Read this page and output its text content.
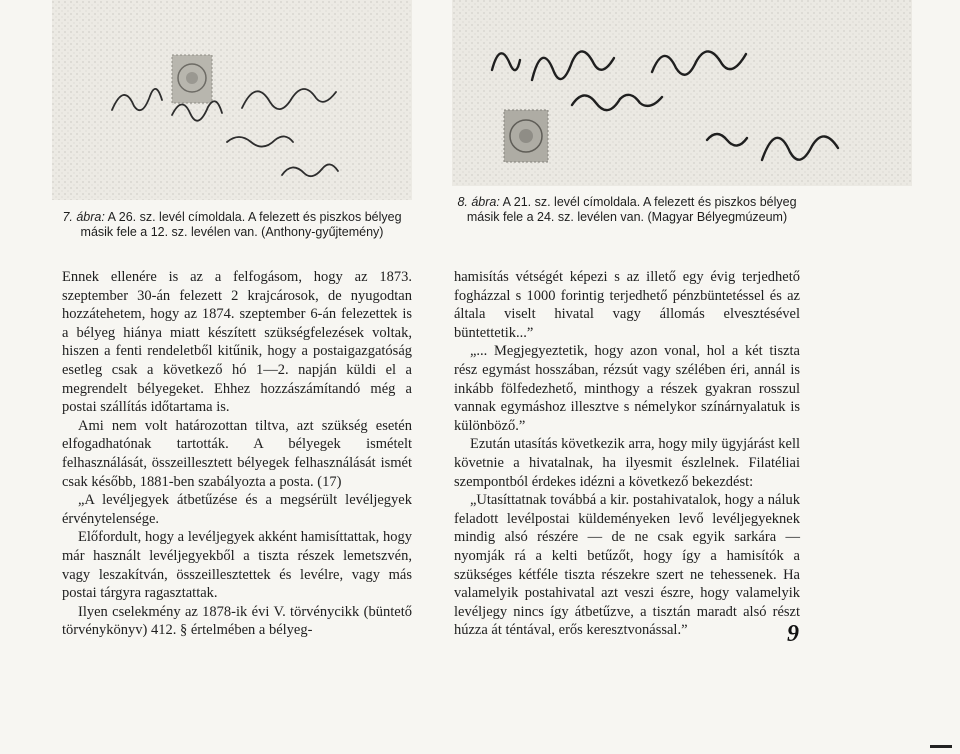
7. ábra: A 26. sz. levél címoldala. A felezett és piszkos bélyeg másik fele a 12. sz. levélen van. (Anthony-gyűjtemény)
8. ábra: A 21. sz. levél címoldala. A felezett és piszkos bélyeg másik fele a 24. sz. levélen van. (Magyar Bélyegmúzeum)

Ennek ellenére is az a felfogásom, hogy az 1873. szeptember 30-án felezett 2 krajcárosok, de nyugodtan hozzátehetem, hogy az 1874. szeptember 6-án felezettek is a bélyeg hiánya miatt készített szükségfelezések voltak, hiszen a fenti rendeletből kitűnik, hogy a postaigazgatóság esetleg csak a következő hó 1—2. napján küldi el a megrendelt bélyegeket. Ehhez hozzászámítandó még a postai szállítás időtartama is.

Ami nem volt határozottan tiltva, azt szükség esetén elfogadhatónak tartották. A bélyegek ismételt felhasználását, összeillesztett bélyegek felhasználását ismét csak később, 1881-ben szabályozta a posta. (17)

„A levéljegyek átbetűzése és a megsérült levéljegyek érvénytelensége.

Előfordult, hogy a levéljegyek akként hamisíttattak, hogy már használt levéljegyekből a tiszta részek lemetszvén, vagy leszakítván, összeillesztettek és levélre, vagy más postai tárgyra ragasztattak.

Ilyen cselekmény az 1878-ik évi V. törvénycikk (büntető törvénykönyv) 412. § értelmében a bélyeg-

hamisítás vétségét képezi s az illető egy évig terjedhető fogházzal s 1000 forintig terjedhető pénzbüntetéssel és az általa viselt hivatal vagy állomás elvesztésével büntettetik...”

„... Megjegyeztetik, hogy azon vonal, hol a két tiszta rész egymást hosszában, rézsút vagy szélében éri, annál is inkább fölfedezhető, minthogy a részek gyakran rosszul vannak egymáshoz illesztve s némelykor színárnyalatuk is különböző.”

Ezután utasítás következik arra, hogy mily ügyjárást kell követnie a hivatalnak, ha ilyesmit észlelnek. Filatéliai szempontból érdekes idézni a következő bekezdést:

„Utasíttatnak továbbá a kir. postahivatalok, hogy a náluk feladott levélpostai küldeményeken levő levéljegyeknek mindig alsó részére — de ne csak egyik sarkára — nyomják rá a kelti betűzőt, hogy így a hamisítók a szükséges kétféle tiszta részekre szert ne tehessenek. Ha valamelyik postahivatal azt veszi észre, hogy valamelyik levéljegy nincs így átbetűzve, a tisztán maradt alsó részt húzza át téntával, erős keresztvonással.”	9
